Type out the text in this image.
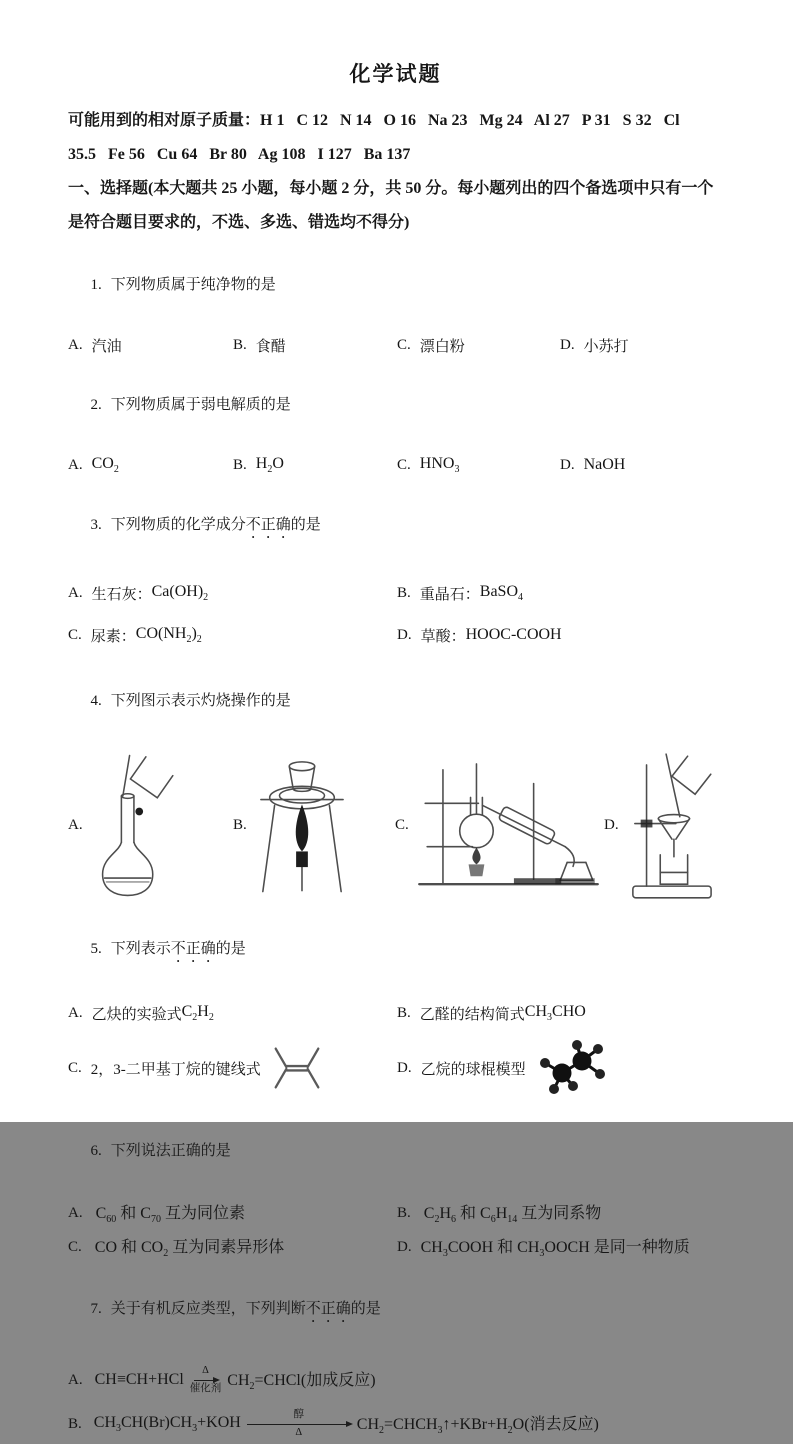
化学试题

可能用到的相对原子质量：H 1   C 12   N 14   O 16   Na 23   Mg 24   Al 27   P 31   S 32   Cl

35.5   Fe 56   Cu 64   Br 80   Ag 108   I 127   Ba 137

一、选择题(本大题共 25 小题，每小题 2 分，共 50 分。每小题列出的四个备选项中只有一个

是符合题目要求的，不选、多选、错选均不得分)

1. 下列物质属于纯净物的是

A. 汽油	B. 食醋	C. 漂白粉	D. 小苏打

2. 下列物质属于弱电解质的是

A. $CO_2$	B. $H_2O$	C. $HNO_3$	D. NaOH

3. 下列物质的化学成分不正确的是

A. 生石灰： $Ca(OH)_2$	B. 重晶石： BaSO$_4$
C. 尿素： $CO(NH_2)_2$	D. 草酸： HOOC-COOH

4. 下列图示表示灼烧操作的是

A.	B.	C.	D.

5. 下列表示不正确的是

A. 乙炔的实验式 $C_2H_2$	B. 乙醛的结构简式 $CH_3CHO$
C. 2，3-二甲基丁烷的键线式	D. 乙烷的球棍模型

6. 下列说法正确的是

A. $C_{60}$ 和 $C_{70}$ 互为同位素	B. $C_2H_6$ 和 $C_6H_{14}$ 互为同系物
C. CO 和 $CO_2$ 互为同素异形体	D. $CH_3COOH$ 和 $CH_3OOCH$ 是同一种物质

7. 关于有机反应类型，下列判断不正确的是

A. CH≡CH+HCl
Δ
催化剂 $CH_2=CHCl$(加成反应)
B. $CH_3CH(Br)CH_3+KOH$	醇
Δ	$CH_2=CHCH_3↑+KBr+H_2O$(消去反应)
